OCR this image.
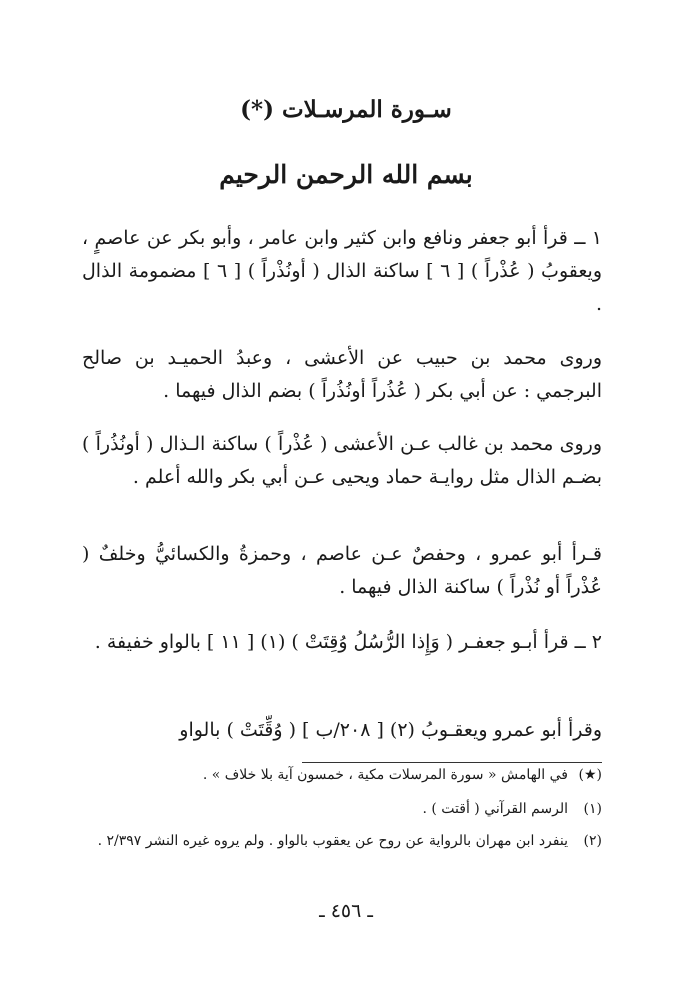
سـورة المرسـلات (*)
بسم الله الرحمن الرحيم
١ ــ قرأ أبو جعفر ونافع وابن كثير وابن عامر ، وأبو بكر عن عاصمٍ ، ويعقوبُ ( عُذْراً ) [ ٦ ] ساكنة الذال ( أونُذْراً ) [ ٦ ] مضمومة الذال .
وروى محمد بن حبيب عن الأعشى ، وعبدُ الحميـد بن صالح البرجمي : عن أبي بكر ( عُذُراً أونُذُراً ) بضم الذال فيهما .
وروى محمد بن غالب عـن الأعشى ( عُذْراً ) ساكنة الـذال ( أونُذُراً ) بضـم الذال مثل روايـة حماد ويحيى عـن أبي بكر والله أعلم .
قـرأ أبو عمرو ، وحفصٌ عـن عاصم ، وحمزةُ والكسائيُّ وخلفٌ ( عُذْراً أو نُذْراً ) ساكنة الذال فيهما .
٢ ــ قرأ أبـو جعفـر ( وَإِذا الرُّسُلُ وُقِتَتْ ) (١) [ ١١ ] بالواو خفيفة .
وقرأ أبو عمرو ويعقـوبُ (٢) [ ٢٠٨/ب ] ( وُقِّتَتْ ) بالواو
(★)
في الهامش « سورة المرسلات مكية ، خمسون آية بلا خلاف » .
(١)
الرسم القرآني ( أقتت ) .
(٢)
ينفرد ابن مهران بالرواية عن روح عن يعقوب بالواو . ولم يروه غيره النشر ٢/٣٩٧ .
ـ ٤٥٦ ـ
